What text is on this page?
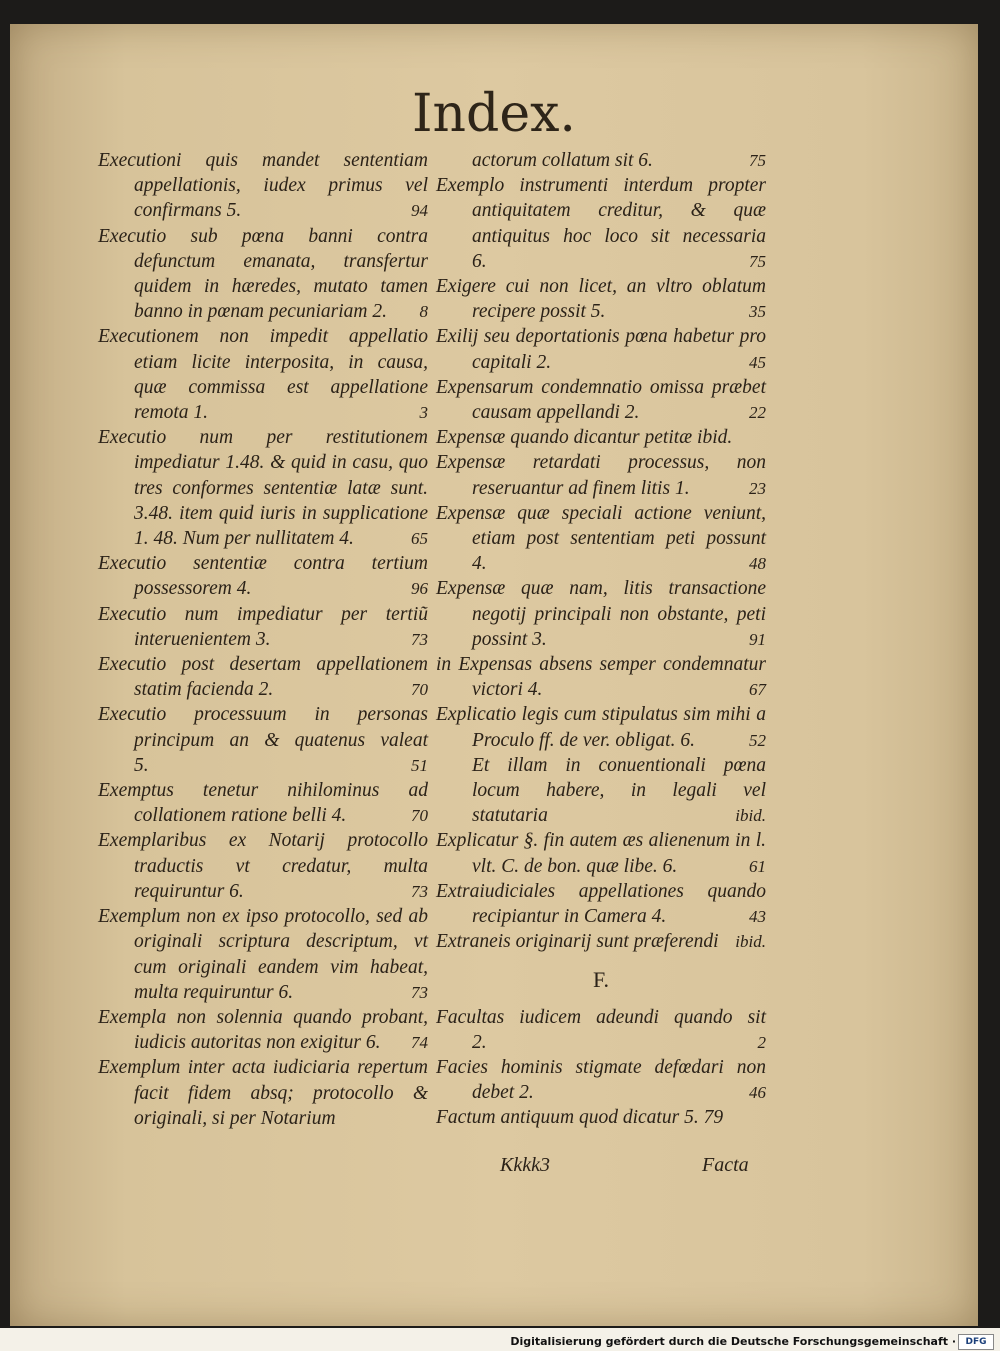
Index.
Executioni quis mandet sententiam appellationis, iudex primus vel confirmans 5.	94
Executio sub pœna banni contra defunctum emanata, transfertur quidem in hæredes, mutato tamen banno in pœnam pecuniariam 2. 8
Executionem non impedit appellatio etiam licite interposita, in causa, quæ commissa est appellatione remota 1.	3
Executio num per restitutionem impediatur 1.48. & quid in casu, quo tres conformes sententiæ latæ sunt. 3.48. item quid iuris in supplicatione 1. 48. Num per nullitatem 4.	65
Executio sententiæ contra tertium possessorem 4.	96
Executio num impediatur per tertiũ interuenientem 3.	73
Executio post desertam appellationem statim facienda 2.	70
Executio processuum in personas principum an & quatenus valeat 5.	51
Exemptus tenetur nihilominus ad collationem ratione belli 4.	70
Exemplaribus ex Notarij protocollo traductis vt credatur, multa requiruntur 6.	73
Exemplum non ex ipso protocollo, sed ab originali scriptura descriptum, vt cum originali eandem vim habeat, multa requiruntur 6.	73
Exempla non solennia quando probant, iudicis autoritas non exigitur 6. 74
Exemplum inter acta iudiciaria repertum facit fidem absq; protocollo & originali, si per Notarium
actorum collatum sit 6.	75
Exemplo instrumenti interdum propter antiquitatem creditur, & quæ antiquitus hoc loco sit necessaria 6.	75
Exigere cui non licet, an vltro oblatum recipere possit 5.	35
Exilij seu deportationis pœna habetur pro capitali 2.	45
Expensarum condemnatio omissa præbet causam appellandi 2.	22
Expensæ quando dicantur petitæ ibid.
Expensæ retardati processus, non reseruantur ad finem litis 1.	23
Expensæ quæ speciali actione veniunt, etiam post sententiam peti possunt 4.	48
Expensæ quæ nam, litis transactione negotij principali non obstante, peti possint 3.	91
in Expensas absens semper condemnatur victori 4.	67
Explicatio legis cum stipulatus sim mihi a Proculo ff. de ver. obligat. 6.	52
Et illam in conuentionali pœna locum habere, in legali vel statutaria	ibid.
Explicatur §. fin autem æs alienenum in l. vlt. C. de bon. quæ libe. 6.	61
Extraiudiciales appellationes quando recipiantur in Camera 4.	43
Extraneis originarij sunt præferendi ibid.
F.
Facultas iudicem adeundi quando sit 2.	2
Facies hominis stigmate defœdari non debet 2.	46
Factum antiquum quod dicatur 5. 79
Kkkk3	Facta
Digitalisierung gefördert durch die Deutsche Forschungsgemeinschaft ·	DFG
